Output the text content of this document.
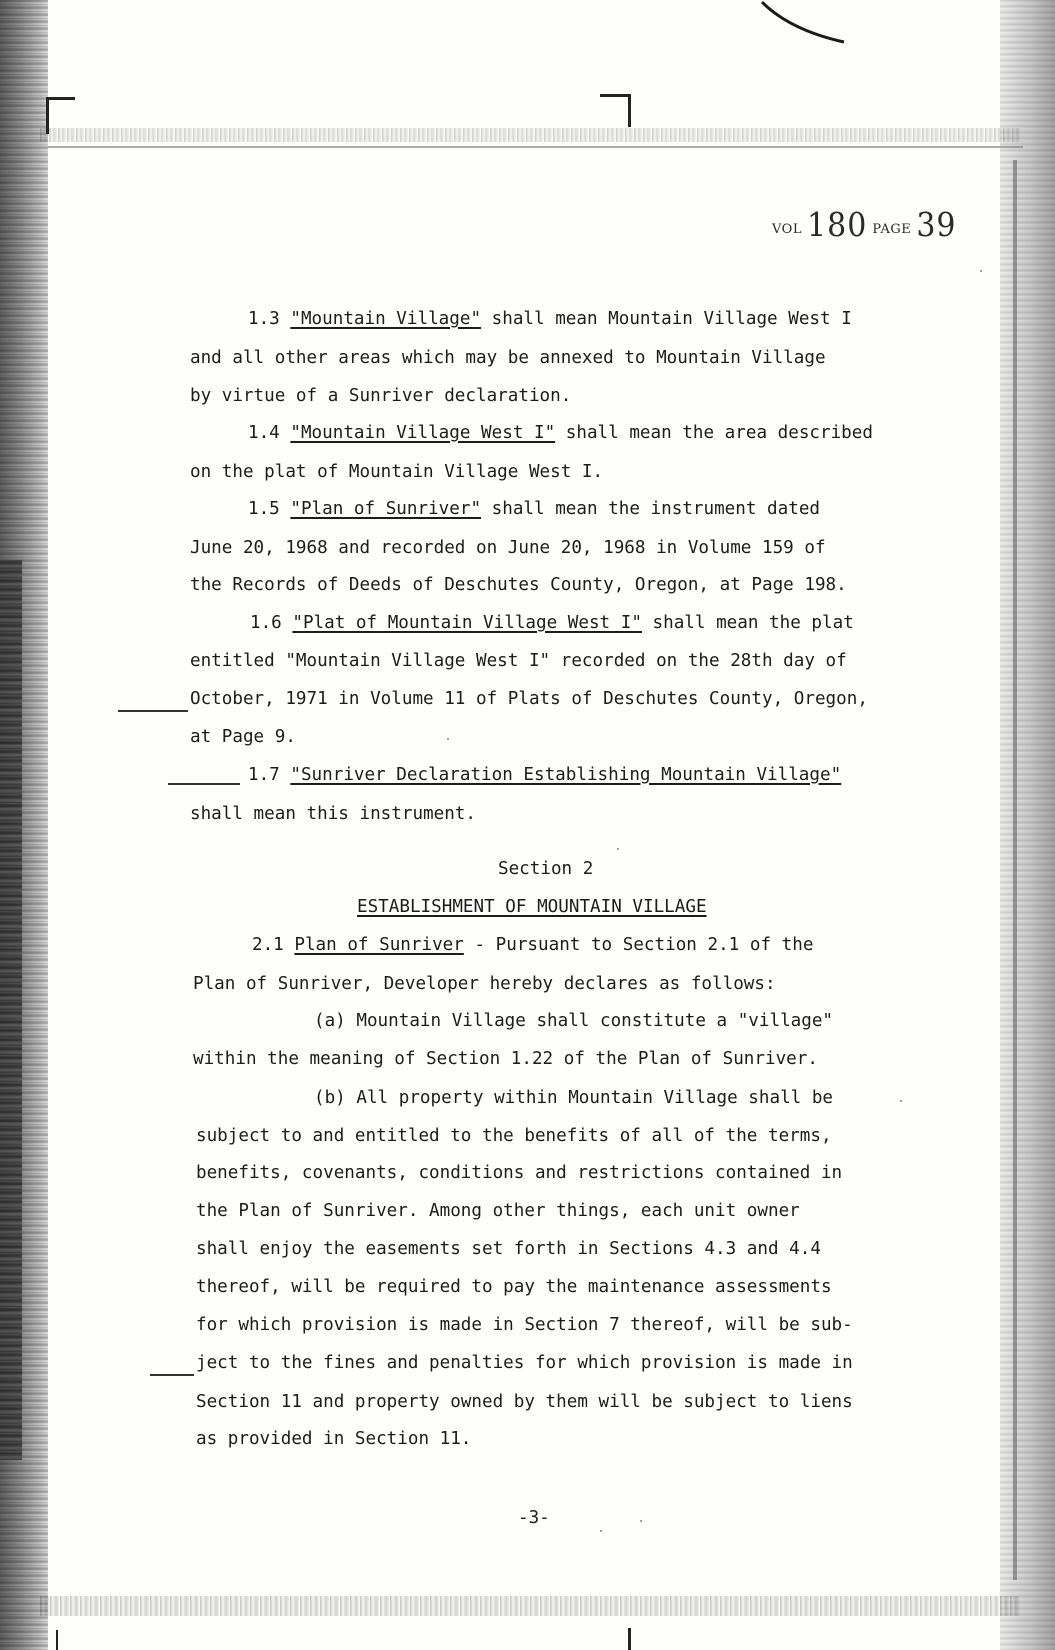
VOL 180 PAGE 39
1.3 "Mountain Village" shall mean Mountain Village West I
and all other areas which may be annexed to Mountain Village
by virtue of a Sunriver declaration.
1.4 "Mountain Village West I" shall mean the area described
on the plat of Mountain Village West I.
1.5 "Plan of Sunriver" shall mean the instrument dated
June 20, 1968 and recorded on June 20, 1968 in Volume 159 of
the Records of Deeds of Deschutes County, Oregon, at Page 198.
1.6 "Plat of Mountain Village West I" shall mean the plat
entitled "Mountain Village West I" recorded on the 28th day of
October, 1971 in Volume 11 of Plats of Deschutes County, Oregon,
at Page 9.
1.7 "Sunriver Declaration Establishing Mountain Village"
shall mean this instrument.
Section 2
ESTABLISHMENT OF MOUNTAIN VILLAGE
2.1 Plan of Sunriver - Pursuant to Section 2.1 of the
Plan of Sunriver, Developer hereby declares as follows:
(a) Mountain Village shall constitute a "village"
within the meaning of Section 1.22 of the Plan of Sunriver.
(b) All property within Mountain Village shall be
subject to and entitled to the benefits of all of the terms,
benefits, covenants, conditions and restrictions contained in
the Plan of Sunriver. Among other things, each unit owner
shall enjoy the easements set forth in Sections 4.3 and 4.4
thereof, will be required to pay the maintenance assessments
for which provision is made in Section 7 thereof, will be sub-
ject to the fines and penalties for which provision is made in
Section 11 and property owned by them will be subject to liens
as provided in Section 11.
-3-
